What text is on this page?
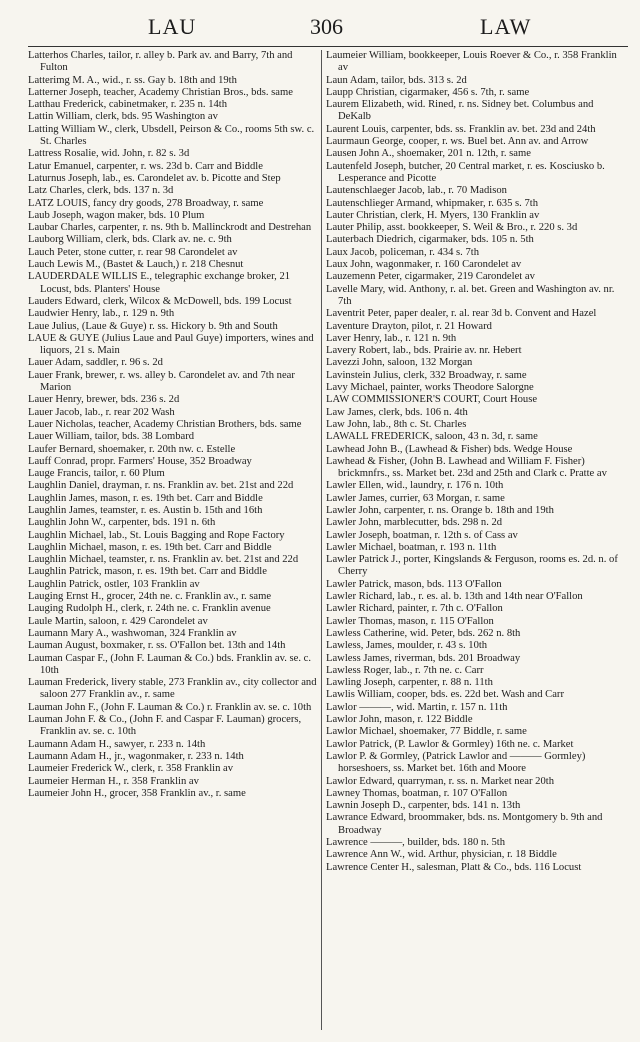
LAU	306	LAW

Latterhos Charles, tailor, r. alley b. Park av. and Barry, 7th and Fulton

Latterimg M. A., wid., r. ss. Gay b. 18th and 19th

Latterner Joseph, teacher, Academy Christian Bros., bds. same

Latthau Frederick, cabinetmaker, r. 235 n. 14th

Lattin William, clerk, bds. 95 Washington av

Latting William W., clerk, Ubsdell, Peirson & Co., rooms 5th sw. c. St. Charles

Lattress Rosalie, wid. John, r. 82 s. 3d

Latur Emanuel, carpenter, r. ws. 23d b. Carr and Biddle

Laturnus Joseph, lab., es. Carondelet av. b. Picotte and Step

Latz Charles, clerk, bds. 137 n. 3d

LATZ LOUIS, fancy dry goods, 278 Broadway, r. same

Laub Joseph, wagon maker, bds. 10 Plum

Laubar Charles, carpenter, r. ns. 9th b. Mallinckrodt and Destrehan

Lauborg William, clerk, bds. Clark av. ne. c. 9th

Lauch Peter, stone cutter, r. rear 98 Carondelet av

Lauch Lewis M., (Bastet & Lauch,) r. 218 Chesnut

LAUDERDALE WILLIS E., telegraphic exchange broker, 21 Locust, bds. Planters' House

Lauders Edward, clerk, Wilcox & McDowell, bds. 199 Locust

Laudwier Henry, lab., r. 129 n. 9th

Laue Julius, (Laue & Guye) r. ss. Hickory b. 9th and South

LAUE & GUYE (Julius Laue and Paul Guye) importers, wines and liquors, 21 s. Main

Lauer Adam, saddler, r. 96 s. 2d

Lauer Frank, brewer, r. ws. alley b. Carondelet av. and 7th near Marion

Lauer Henry, brewer, bds. 236 s. 2d

Lauer Jacob, lab., r. rear 202 Wash

Lauer Nicholas, teacher, Academy Christian Brothers, bds. same

Lauer William, tailor, bds. 38 Lombard

Laufer Bernard, shoemaker, r. 20th nw. c. Estelle

Lauff Conrad, propr. Farmers' House, 352 Broadway

Lauge Francis, tailor, r. 60 Plum

Laughlin Daniel, drayman, r. ns. Franklin av. bet. 21st and 22d

Laughlin James, mason, r. es. 19th bet. Carr and Biddle

Laughlin James, teamster, r. es. Austin b. 15th and 16th

Laughlin John W., carpenter, bds. 191 n. 6th

Laughlin Michael, lab., St. Louis Bagging and Rope Factory

Laughlin Michael, mason, r. es. 19th bet. Carr and Biddle

Laughlin Michael, teamster, r. ns. Franklin av. bet. 21st and 22d

Laughlin Patrick, mason, r. es. 19th bet. Carr and Biddle

Laughlin Patrick, ostler, 103 Franklin av

Lauging Ernst H., grocer, 24th ne. c. Franklin av., r. same

Lauging Rudolph H., clerk, r. 24th ne. c. Franklin avenue

Laule Martin, saloon, r. 429 Carondelet av

Laumann Mary A., washwoman, 324 Franklin av

Lauman August, boxmaker, r. ss. O'Fallon bet. 13th and 14th

Lauman Caspar F., (John F. Lauman & Co.) bds. Franklin av. se. c. 10th

Lauman Frederick, livery stable, 273 Franklin av., city collector and saloon 277 Franklin av., r. same

Lauman John F., (John F. Lauman & Co.) r. Franklin av. se. c. 10th

Lauman John F. & Co., (John F. and Caspar F. Lauman) grocers, Franklin av. se. c. 10th

Laumann Adam H., sawyer, r. 233 n. 14th

Laumann Adam H., jr., wagonmaker, r. 233 n. 14th

Laumeier Frederick W., clerk, r. 358 Franklin av

Laumeier Herman H., r. 358 Franklin av

Laumeier John H., grocer, 358 Franklin av., r. same

Laumeier William, bookkeeper, Louis Roever & Co., r. 358 Franklin av

Laun Adam, tailor, bds. 313 s. 2d

Laupp Christian, cigarmaker, 456 s. 7th, r. same

Laurem Elizabeth, wid. Rined, r. ns. Sidney bet. Columbus and DeKalb

Laurent Louis, carpenter, bds. ss. Franklin av. bet. 23d and 24th

Laurmaun George, cooper, r. ws. Buel bet. Ann av. and Arrow

Lausen John A., shoemaker, 201 n. 12th, r. same

Lautenfeld Joseph, butcher, 20 Central market, r. es. Kosciusko b. Lesperance and Picotte

Lautenschlaeger Jacob, lab., r. 70 Madison

Lautenschlieger Armand, whipmaker, r. 635 s. 7th

Lauter Christian, clerk, H. Myers, 130 Franklin av

Lauter Philip, asst. bookkeeper, S. Weil & Bro., r. 220 s. 3d

Lauterbach Diedrich, cigarmaker, bds. 105 n. 5th

Laux Jacob, policeman, r. 434 s. 7th

Laux John, wagonmaker, r. 160 Carondelet av

Lauzemenn Peter, cigarmaker, 219 Carondelet av

Lavelle Mary, wid. Anthony, r. al. bet. Green and Washington av. nr. 7th

Laventrit Peter, paper dealer, r. al. rear 3d b. Convent and Hazel

Laventure Drayton, pilot, r. 21 Howard

Laver Henry, lab., r. 121 n. 9th

Lavery Robert, lab., bds. Prairie av. nr. Hebert

Lavezzi John, saloon, 132 Morgan

Lavinstein Julius, clerk, 332 Broadway, r. same

Lavy Michael, painter, works Theodore Salorgne

LAW COMMISSIONER'S COURT, Court House

Law James, clerk, bds. 106 n. 4th

Law John, lab., 8th c. St. Charles

LAWALL FREDERICK, saloon, 43 n. 3d, r. same

Lawhead John B., (Lawhead & Fisher) bds. Wedge House

Lawhead & Fisher, (John B. Lawhead and William F. Fisher) brickmnfrs., ss. Market bet. 23d and 25th and Clark c. Pratte av

Lawler Ellen, wid., laundry, r. 176 n. 10th

Lawler James, currier, 63 Morgan, r. same

Lawler John, carpenter, r. ns. Orange b. 18th and 19th

Lawler John, marblecutter, bds. 298 n. 2d

Lawler Joseph, boatman, r. 12th s. of Cass av

Lawler Michael, boatman, r. 193 n. 11th

Lawler Patrick J., porter, Kingslands & Ferguson, rooms es. 2d. n. of Cherry

Lawler Patrick, mason, bds. 113 O'Fallon

Lawler Richard, lab., r. es. al. b. 13th and 14th near O'Fallon

Lawler Richard, painter, r. 7th c. O'Fallon

Lawler Thomas, mason, r. 115 O'Fallon

Lawless Catherine, wid. Peter, bds. 262 n. 8th

Lawless, James, moulder, r. 43 s. 10th

Lawless James, riverman, bds. 201 Broadway

Lawless Roger, lab., r. 7th ne. c. Carr

Lawling Joseph, carpenter, r. 88 n. 11th

Lawlis William, cooper, bds. es. 22d bet. Wash and Carr

Lawlor ———, wid. Martin, r. 157 n. 11th

Lawlor John, mason, r. 122 Biddle

Lawlor Michael, shoemaker, 77 Biddle, r. same

Lawlor Patrick, (P. Lawlor & Gormley) 16th ne. c. Market

Lawlor P. & Gormley, (Patrick Lawlor and ——— Gormley) horseshoers, ss. Market bet. 16th and Moore

Lawlor Edward, quarryman, r. ss. n. Market near 20th

Lawney Thomas, boatman, r. 107 O'Fallon

Lawnin Joseph D., carpenter, bds. 141 n. 13th

Lawrance Edward, broommaker, bds. ns. Montgomery b. 9th and Broadway

Lawrence ———, builder, bds. 180 n. 5th

Lawrence Ann W., wid. Arthur, physician, r. 18 Biddle

Lawrence Center H., salesman, Platt & Co., bds. 116 Locust
